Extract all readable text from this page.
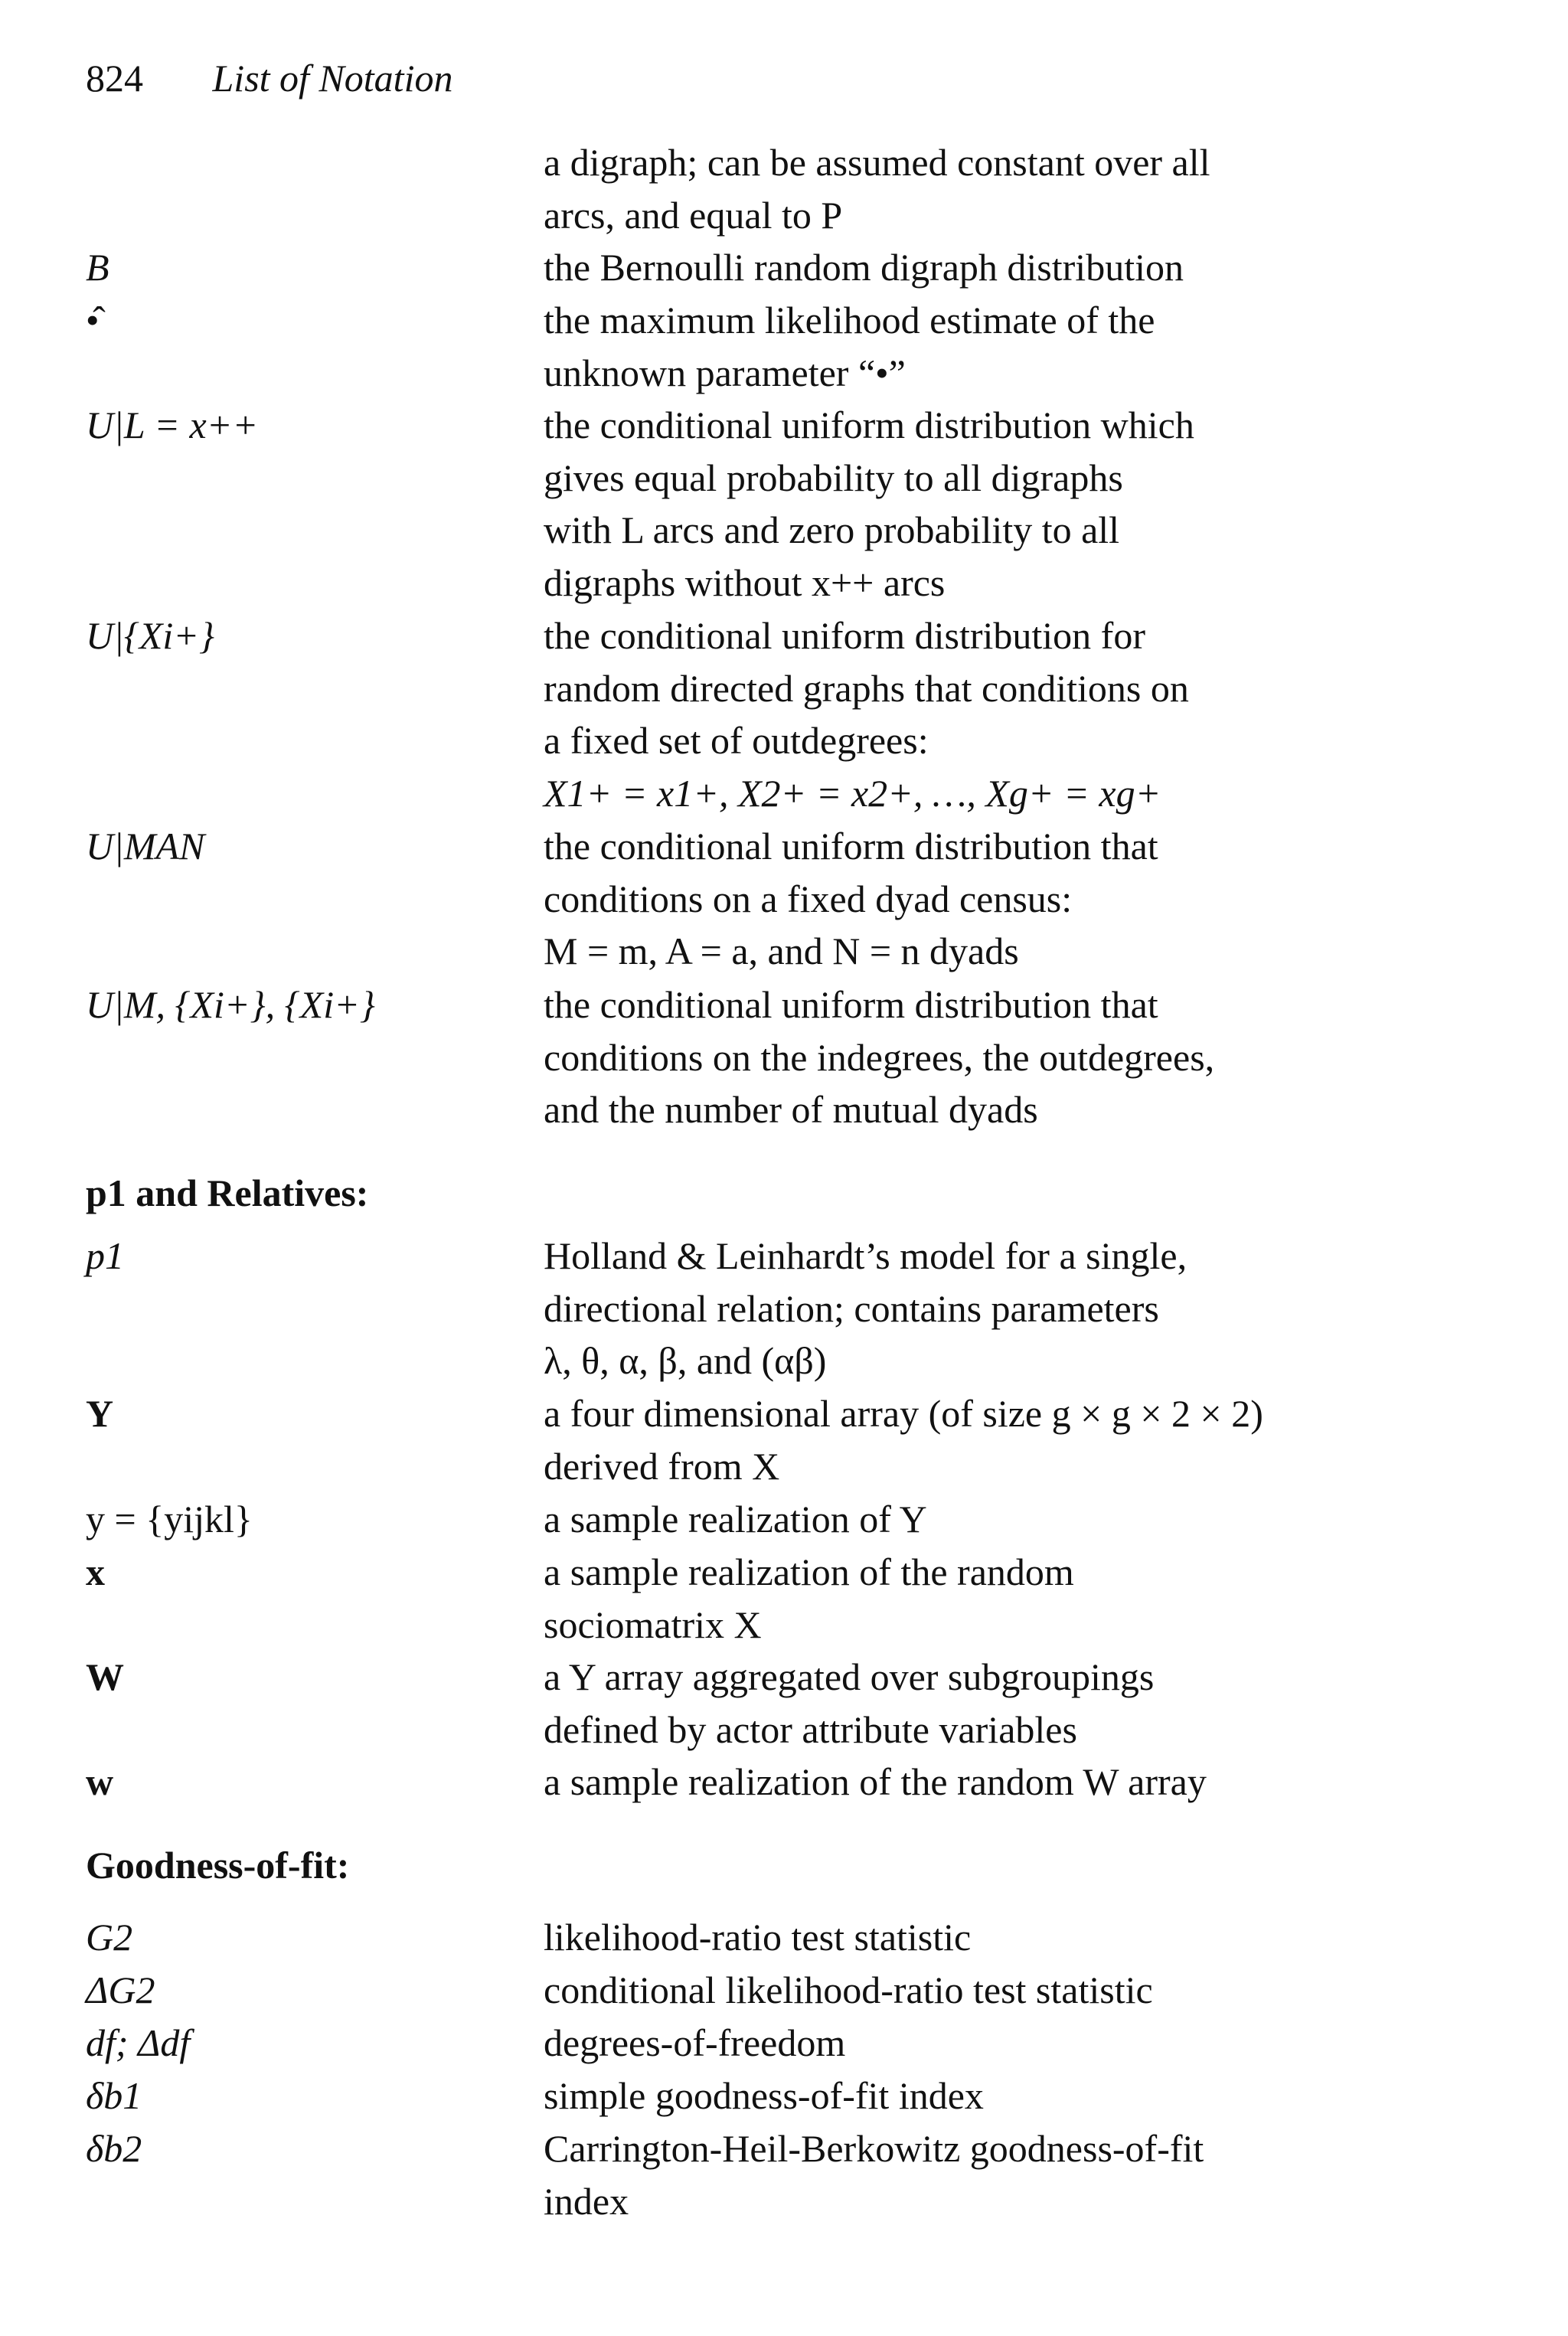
824 List of Notation
a digraph; can be assumed constant over all
arcs, and equal to P
B	the Bernoulli random digraph distribution
•̂	the maximum likelihood estimate of the
unknown parameter “•”
U|L = x++	the conditional uniform distribution which
gives equal probability to all digraphs
with L arcs and zero probability to all
digraphs without x++ arcs
U|{Xi+}	the conditional uniform distribution for
random directed graphs that conditions on
a fixed set of outdegrees:
X1+ = x1+, X2+ = x2+, …, Xg+ = xg+
U|MAN	the conditional uniform distribution that
conditions on a fixed dyad census:
M = m, A = a, and N = n dyads
U|M, {Xi+}, {Xi+}	the conditional uniform distribution that
conditions on the indegrees, the outdegrees,
and the number of mutual dyads
p1 and Relatives:
p1	Holland & Leinhardt’s model for a single,
directional relation; contains parameters
λ, θ, α, β, and (αβ)
Y	a four dimensional array (of size g × g × 2 × 2)
derived from X
y = {yijkl}	a sample realization of Y
x	a sample realization of the random
sociomatrix X
W	a Y array aggregated over subgroupings
defined by actor attribute variables
w	a sample realization of the random W array
Goodness-of-fit:
G2	likelihood-ratio test statistic
ΔG2	conditional likelihood-ratio test statistic
df; Δdf	degrees-of-freedom
δb1	simple goodness-of-fit index
δb2	Carrington-Heil-Berkowitz goodness-of-fit
index
